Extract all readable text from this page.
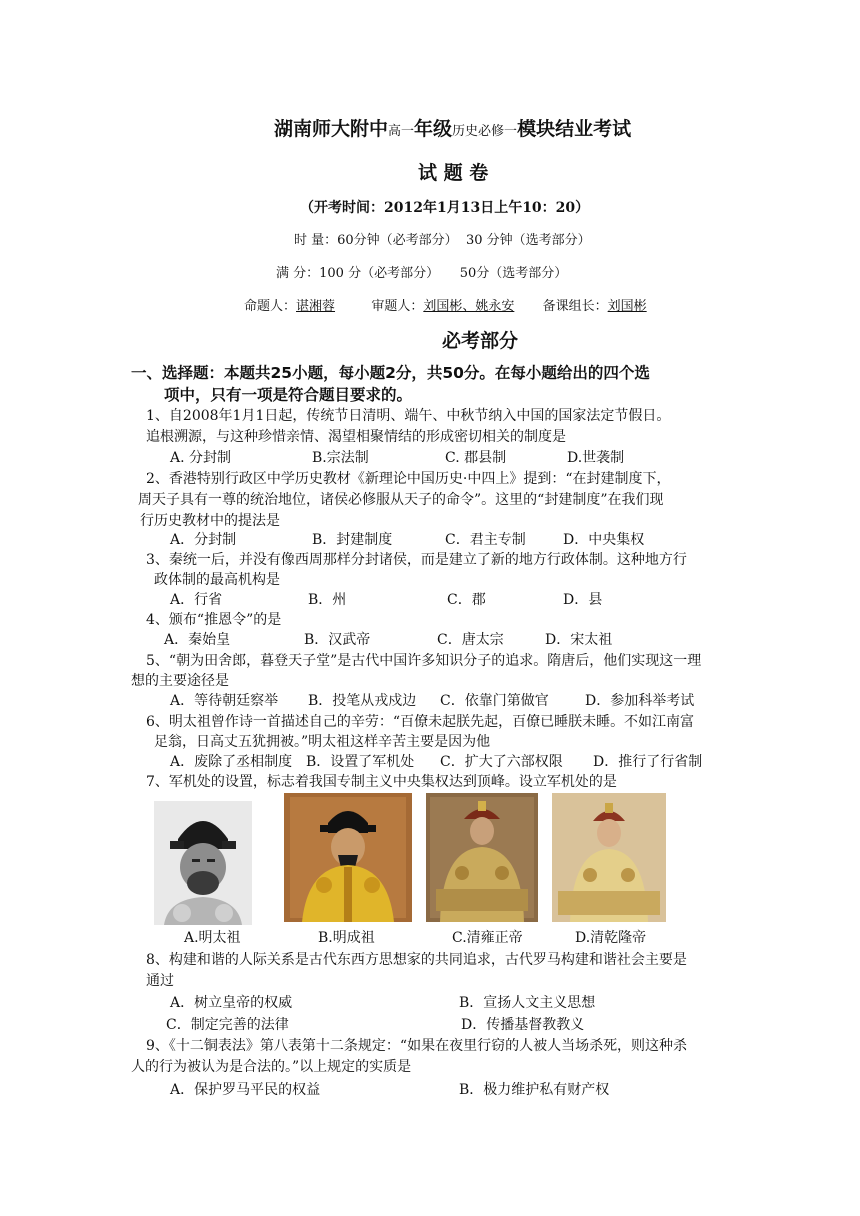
湖南师大附中高一年级历史必修一模块结业考试
试 题 卷
（开考时间：2012年1月13日上午10：20）
时 量：60分钟（必考部分）  30 分钟（选考部分）
满 分：100 分（必考部分）     50分（选考部分）
命题人：谌湘蓉	审题人：刘国彬、姚永安 备课组长：刘国彬
必考部分
一、选择题：本题共25小题，每小题2分，共50分。在每小题给出的四个选
项中，只有一项是符合题目要求的。
1、自2008年1月1日起，传统节日清明、端午、中秋节纳入中国的国家法定节假日。
追根溯源，与这种珍惜亲情、渴望相聚情结的形成密切相关的制度是
A. 分封制	B.宗法制	C. 郡县制	D.世袭制
2、香港特别行政区中学历史教材《新理论中国历史·中四上》提到：“在封建制度下，
周天子具有一尊的统治地位，诸侯必修服从天子的命令”。这里的“封建制度”在我们现
行历史教材中的提法是
A．分封制	B．封建制度	C．君主专制	D．中央集权
3、秦统一后，并没有像西周那样分封诸侯，而是建立了新的地方行政体制。这种地方行
政体制的最高机构是
A．行省	B．州	C．郡	D．县
4、颁布“推恩令”的是
A．秦始皇	B．汉武帝	C．唐太宗	D．宋太祖
5、“朝为田舍郎，暮登天子堂”是古代中国许多知识分子的追求。隋唐后，他们实现这一理
想的主要途径是
A．等待朝廷察举 B．投笔从戎戍边 C．依靠门第做官	D．参加科举考试
6、明太祖曾作诗一首描述自己的辛劳：“百僚未起朕先起，百僚已睡朕未睡。不如江南富
足翁，日高丈五犹拥被。”明太祖这样辛苦主要是因为他
A．废除了丞相制度 B．设置了军机处 C．扩大了六部权限 D．推行了行省制
7、军机处的设置，标志着我国专制主义中央集权达到顶峰。设立军机处的是
A.明太祖	B.明成祖	C.清雍正帝	D.清乾隆帝
8、构建和谐的人际关系是古代东西方思想家的共同追求，古代罗马构建和谐社会主要是
通过
A．树立皇帝的权威	B．宣扬人文主义思想
C．制定完善的法律	D．传播基督教教义
9、《十二铜表法》第八表第十二条规定：“如果在夜里行窃的人被人当场杀死，则这种杀
人的行为被认为是合法的。”以上规定的实质是
A．保护罗马平民的权益	B．极力维护私有财产权
